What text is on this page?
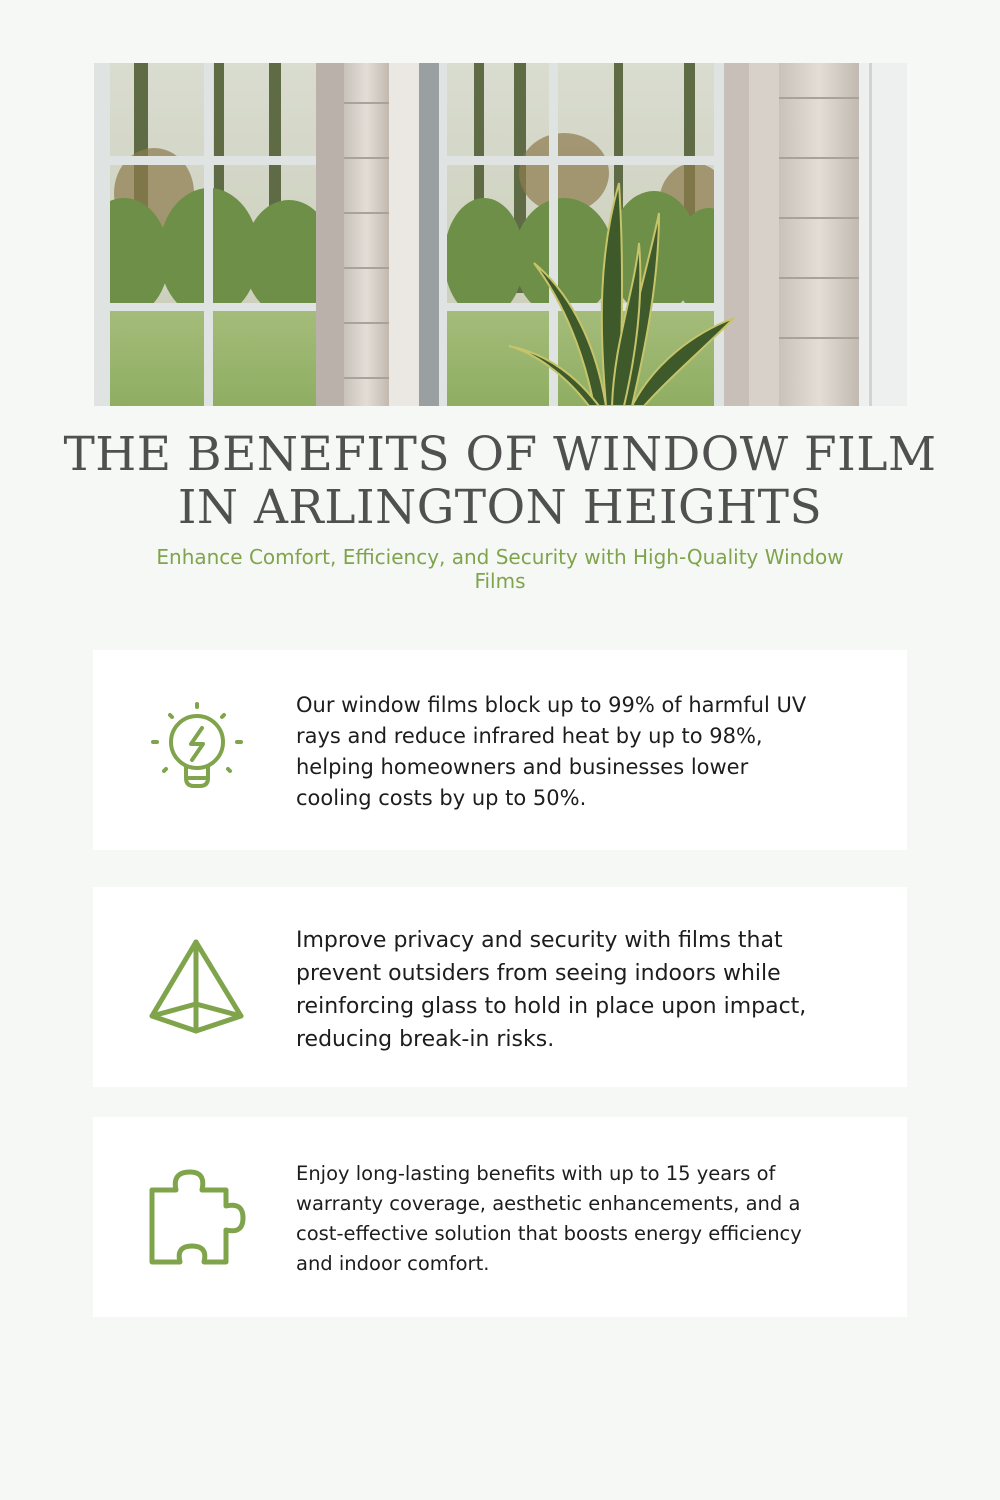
THE BENEFITS OF WINDOW FILM IN ARLINGTON HEIGHTS

Enhance Comfort, Efficiency, and Security with High-Quality Window Films

Our window films block up to 99% of harmful UV rays and reduce infrared heat by up to 98%, helping homeowners and businesses lower cooling costs by up to 50%.

Improve privacy and security with films that prevent outsiders from seeing indoors while reinforcing glass to hold in place upon impact, reducing break-in risks.

Enjoy long-lasting benefits with up to 15 years of warranty coverage, aesthetic enhancements, and a cost-effective solution that boosts energy efficiency and indoor comfort.
